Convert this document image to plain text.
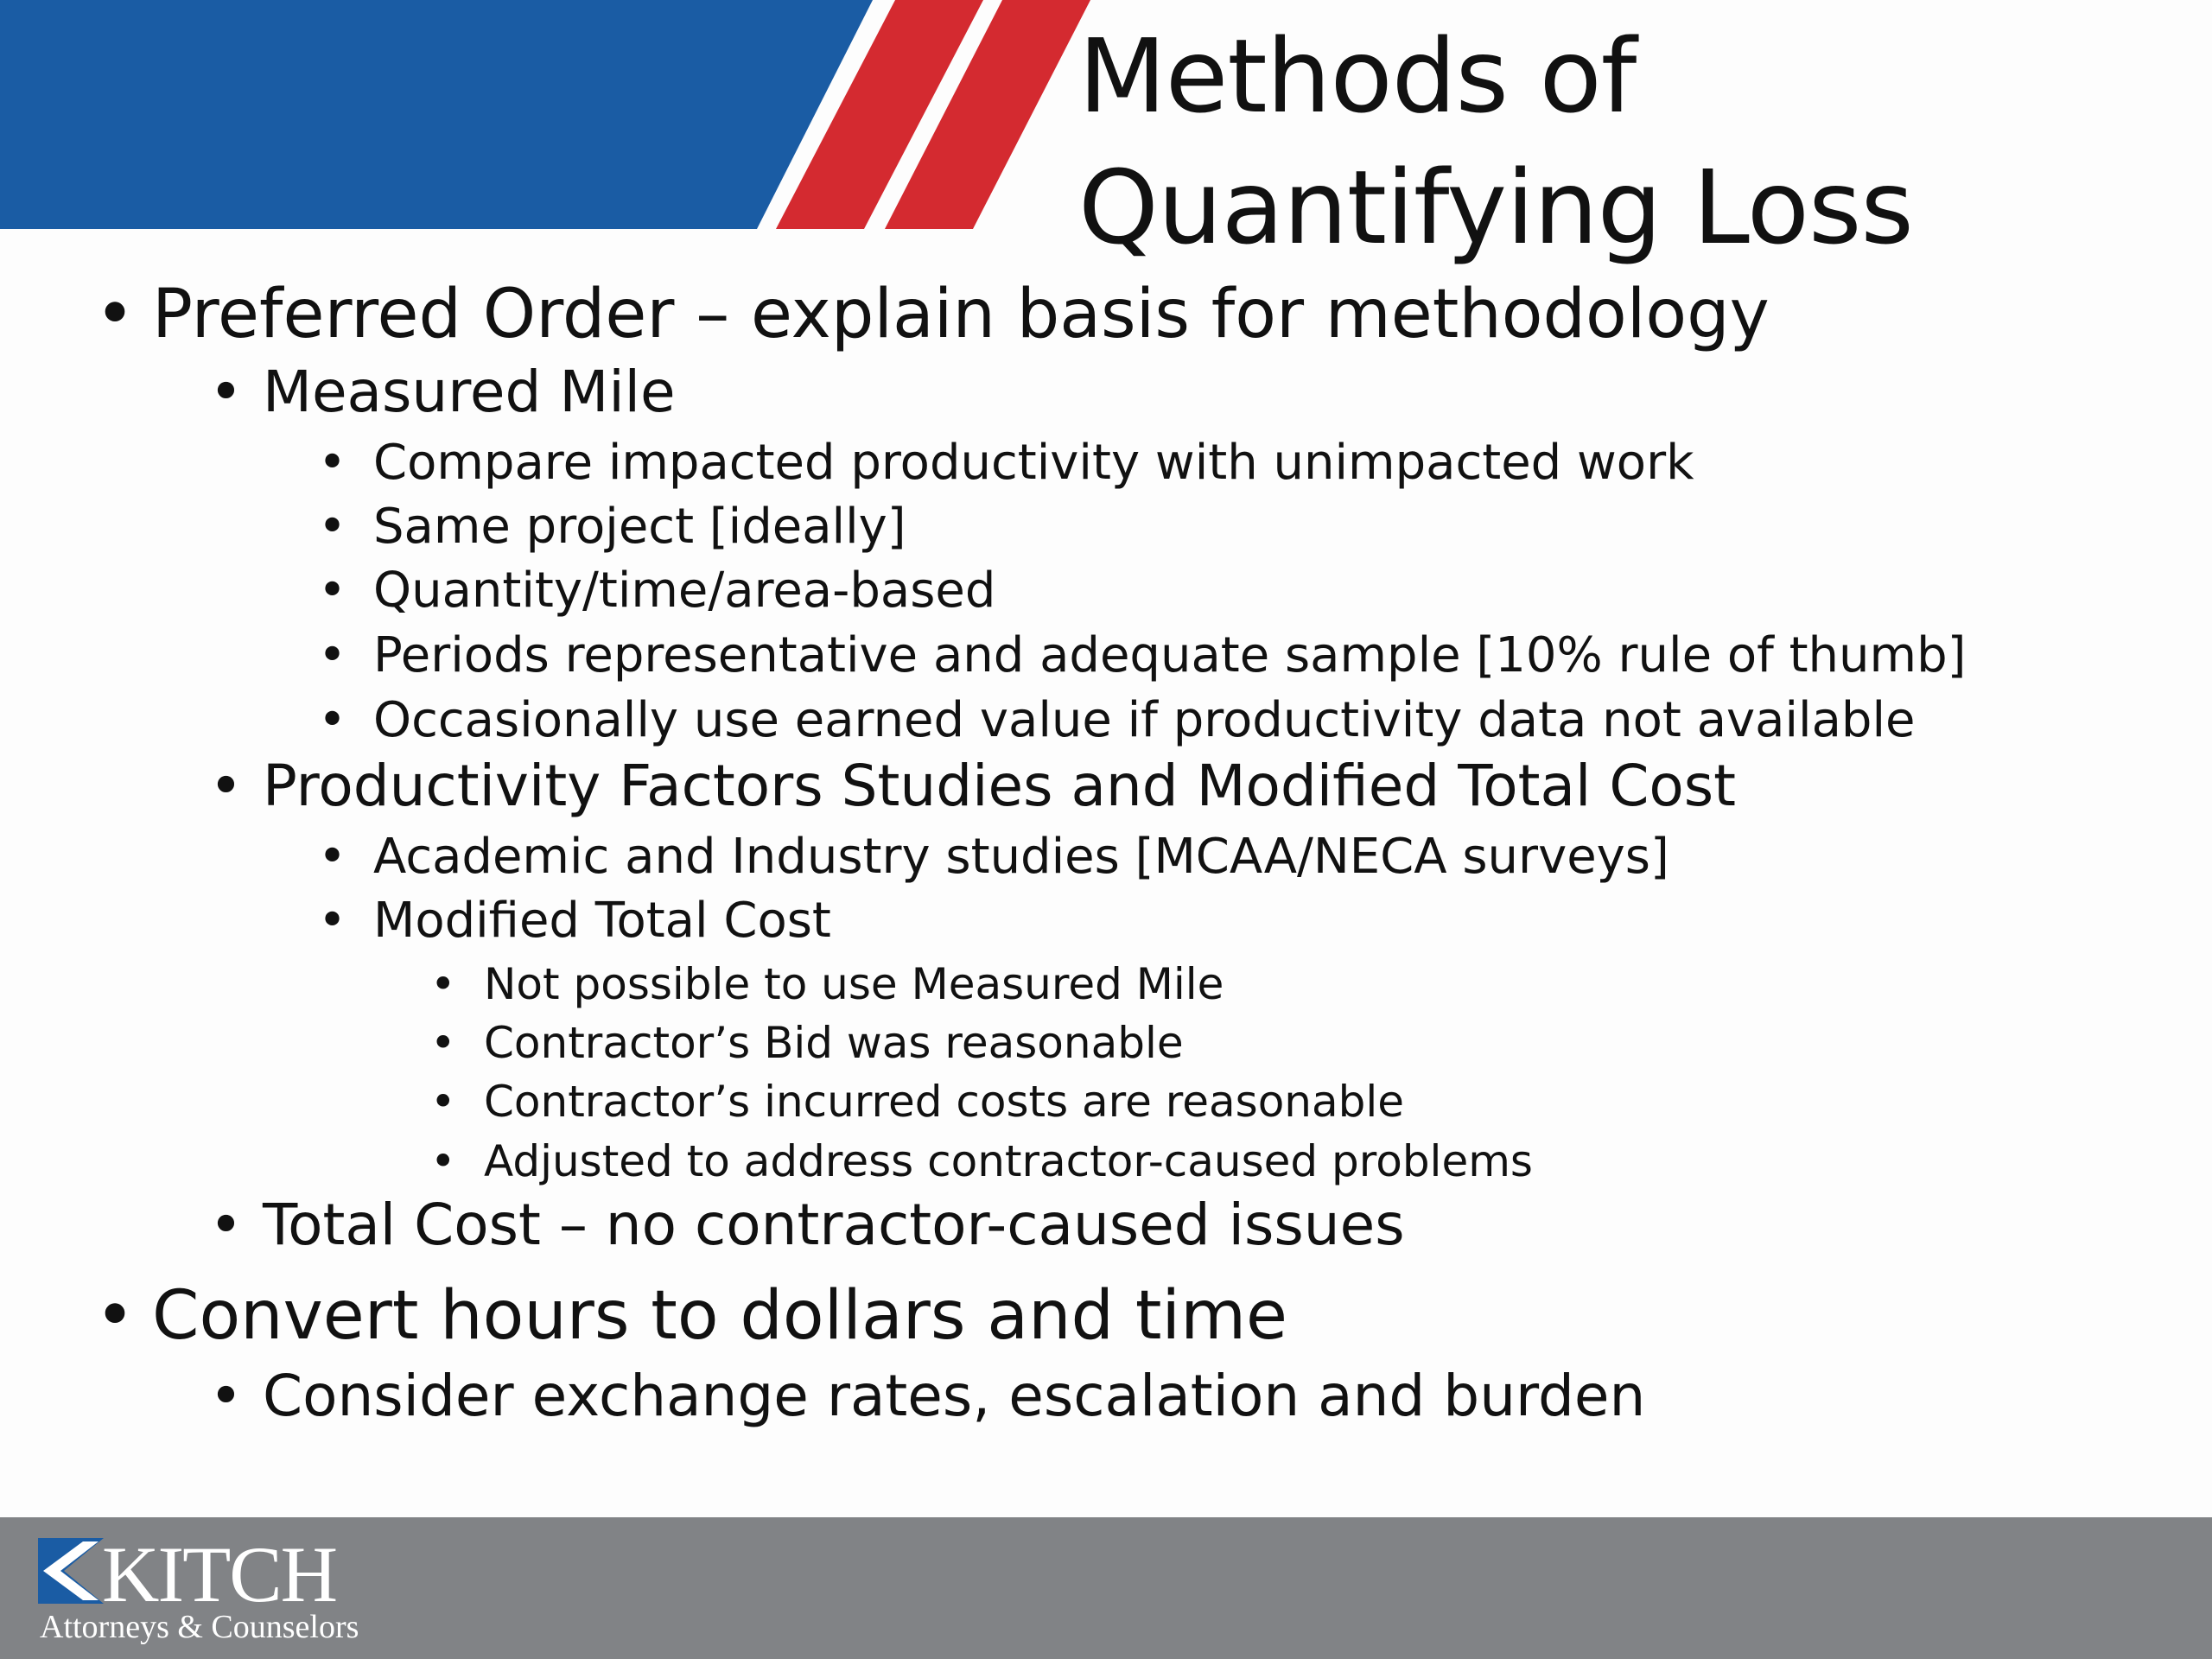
Methods of
Quantifying Loss

• Preferred Order – explain basis for methodology

• Measured Mile

• Compare impacted productivity with unimpacted work

• Same project [ideally]

• Quantity/time/area-based

• Periods representative and adequate sample [10% rule of thumb]

• Occasionally use earned value if productivity data not available

• Productivity Factors Studies and Modified Total Cost

• Academic and Industry studies [MCAA/NECA surveys]

• Modified Total Cost

• Not possible to use Measured Mile

• Contractor’s Bid was reasonable

• Contractor’s incurred costs are reasonable

• Adjusted to address contractor-caused problems

• Total Cost – no contractor-caused issues

• Convert hours to dollars and time

• Consider exchange rates, escalation and burden

KITCH
Attorneys & Counselors
